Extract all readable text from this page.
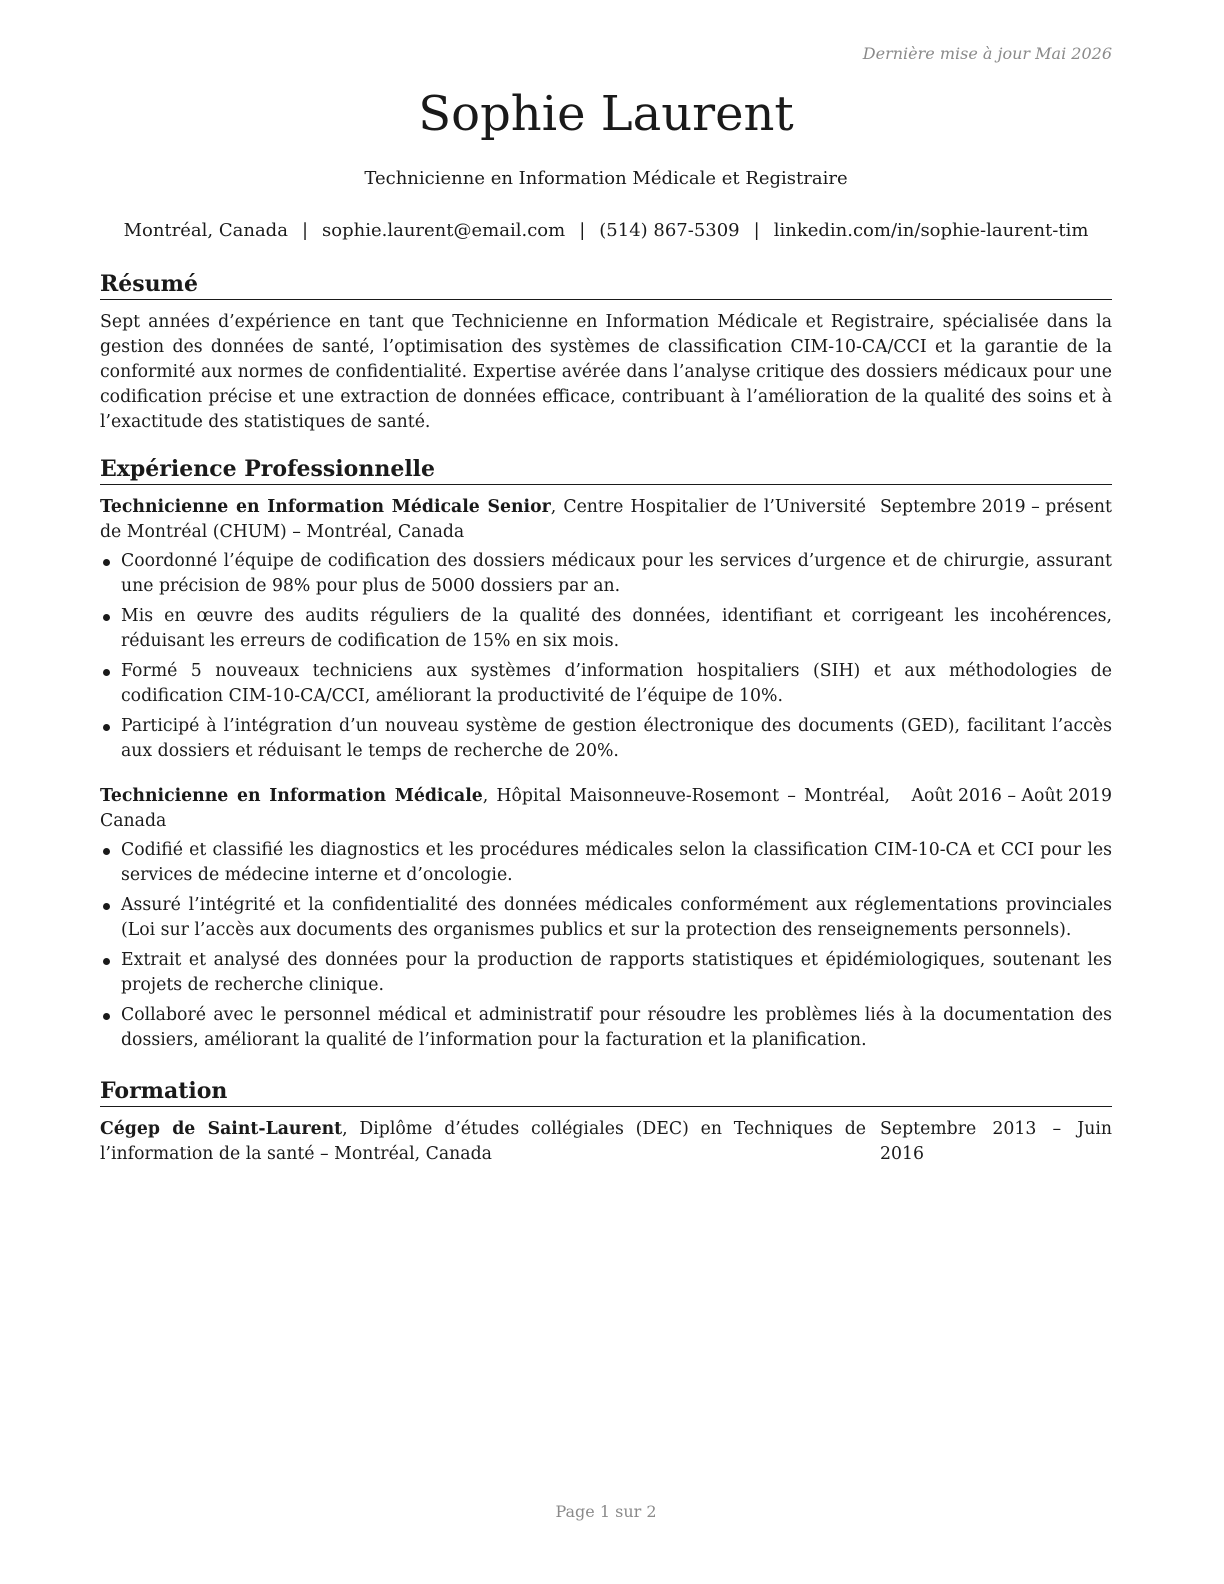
Dernière mise à jour Mai 2026
Sophie Laurent
Technicienne en Information Médicale et Registraire
Montréal, Canada | sophie.laurent@email.com | (514) 867-5309 | linkedin.com/in/sophie-laurent-tim
Résumé

Sept années d’expérience en tant que Technicienne en Information Médicale et Registraire, spécialisée dans la gestion des données de santé, l’optimisation des systèmes de classification CIM-10-CA/CCI et la garantie de la conformité aux normes de confidentialité. Expertise avérée dans l’analyse critique des dossiers médicaux pour une codification précise et une extraction de données efficace, contribuant à l’amélioration de la qualité des soins et à l’exactitude des statistiques de santé.

Expérience Professionnelle
Technicienne en Information Médicale Senior, Centre Hospitalier de l’Université de Montréal (CHUM) – Montréal, Canada
Septembre 2019 – présent
Coordonné l’équipe de codification des dossiers médicaux pour les services d’urgence et de chirurgie, assurant une précision de 98% pour plus de 5000 dossiers par an.
Mis en œuvre des audits réguliers de la qualité des données, identifiant et corrigeant les incohérences, réduisant les erreurs de codification de 15% en six mois.
Formé 5 nouveaux techniciens aux systèmes d’information hospitaliers (SIH) et aux méthodologies de codification CIM-10-CA/CCI, améliorant la productivité de l’équipe de 10%.
Participé à l’intégration d’un nouveau système de gestion électronique des documents (GED), facilitant l’accès aux dossiers et réduisant le temps de recherche de 20%.
Technicienne en Information Médicale, Hôpital Maisonneuve-Rosemont – Montréal, Canada
Août 2016 – Août 2019
Codifié et classifié les diagnostics et les procédures médicales selon la classification CIM-10-CA et CCI pour les services de médecine interne et d’oncologie.
Assuré l’intégrité et la confidentialité des données médicales conformément aux réglementations provinciales (Loi sur l’accès aux documents des organismes publics et sur la protection des renseignements personnels).
Extrait et analysé des données pour la production de rapports statistiques et épidémiologiques, soutenant les projets de recherche clinique.
Collaboré avec le personnel médical et administratif pour résoudre les problèmes liés à la documentation des dossiers, améliorant la qualité de l’information pour la facturation et la planification.
Formation
Cégep de Saint-Laurent, Diplôme d’études collégiales (DEC) en Techniques de l’information de la santé – Montréal, Canada
Septembre 2013 – Juin 2016
Page 1 sur 2
